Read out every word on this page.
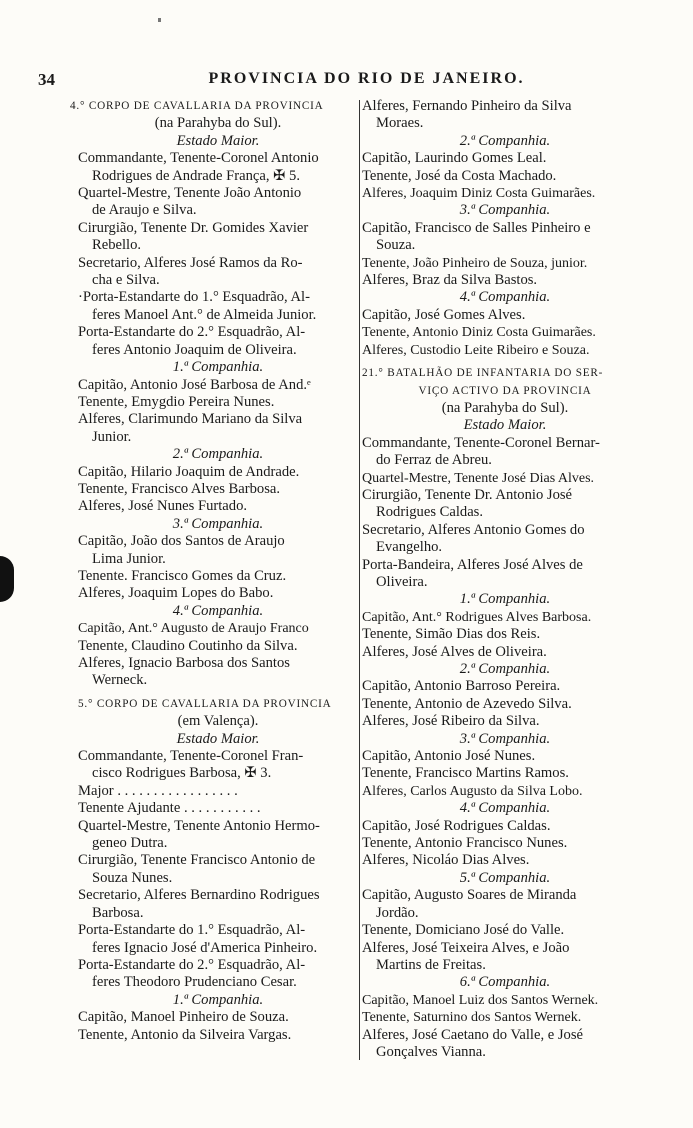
34	PROVINCIA DO RIO DE JANEIRO.
4.° CORPO DE CAVALLARIA DA PROVINCIA
(na Parahyba do Sul).
Estado Maior.
Commandante, Tenente-Coronel Antonio
Rodrigues de Andrade França, ✠ 5.
Quartel-Mestre, Tenente João Antonio
de Araujo e Silva.
Cirurgião, Tenente Dr. Gomides Xavier
Rebello.
Secretario, Alferes José Ramos da Ro-
cha e Silva.
·Porta-Estandarte do 1.° Esquadrão, Al-
feres Manoel Ant.° de Almeida Junior.
Porta-Estandarte do 2.° Esquadrão, Al-
feres Antonio Joaquim de Oliveira.
1.ª Companhia.
Capitão, Antonio José Barbosa de And.ᵉ
Tenente, Emygdio Pereira Nunes.
Alferes, Clarimundo Mariano da Silva
Junior.
2.ª Companhia.
Capitão, Hilario Joaquim de Andrade.
Tenente, Francisco Alves Barbosa.
Alferes, José Nunes Furtado.
3.ª Companhia.
Capitão, João dos Santos de Araujo
Lima Junior.
Tenente. Francisco Gomes da Cruz.
Alferes, Joaquim Lopes do Babo.
4.ª Companhia.
Capitão, Ant.° Augusto de Araujo Franco
Tenente, Claudino Coutinho da Silva.
Alferes, Ignacio Barbosa dos Santos
Werneck.
5.° CORPO DE CAVALLARIA DA PROVINCIA
(em Valença).
Estado Maior.
Commandante, Tenente-Coronel Fran-
cisco Rodrigues Barbosa, ✠ 3.
Major . . . . . . . . . . . . . . . . .
Tenente Ajudante . . . . . . . . . . .
Quartel-Mestre, Tenente Antonio Hermo-
geneo Dutra.
Cirurgião, Tenente Francisco Antonio de
Souza Nunes.
Secretario, Alferes Bernardino Rodrigues
Barbosa.
Porta-Estandarte do 1.° Esquadrão, Al-
feres Ignacio José d'America Pinheiro.
Porta-Estandarte do 2.° Esquadrão, Al-
feres Theodoro Prudenciano Cesar.
1.ª Companhia.
Capitão, Manoel Pinheiro de Souza.
Tenente, Antonio da Silveira Vargas.
Alferes, Fernando Pinheiro da Silva
Moraes.
2.ª Companhia.
Capitão, Laurindo Gomes Leal.
Tenente, José da Costa Machado.
Alferes, Joaquim Diniz Costa Guimarães.
3.ª Companhia.
Capitão, Francisco de Salles Pinheiro e
Souza.
Tenente, João Pinheiro de Souza, junior.
Alferes, Braz da Silva Bastos.
4.ª Companhia.
Capitão, José Gomes Alves.
Tenente, Antonio Diniz Costa Guimarães.
Alferes, Custodio Leite Ribeiro e Souza.
21.° BATALHÃO DE INFANTARIA DO SER-
VIÇO ACTIVO DA PROVINCIA
(na Parahyba do Sul).
Estado Maior.
Commandante, Tenente-Coronel Bernar-
do Ferraz de Abreu.
Quartel-Mestre, Tenente José Dias Alves.
Cirurgião, Tenente Dr. Antonio José
Rodrigues Caldas.
Secretario, Alferes Antonio Gomes do
Evangelho.
Porta-Bandeira, Alferes José Alves de
Oliveira.
1.ª Companhia.
Capitão, Ant.° Rodrigues Alves Barbosa.
Tenente, Simão Dias dos Reis.
Alferes, José Alves de Oliveira.
2.ª Companhia.
Capitão, Antonio Barroso Pereira.
Tenente, Antonio de Azevedo Silva.
Alferes, José Ribeiro da Silva.
3.ª Companhia.
Capitão, Antonio José Nunes.
Tenente, Francisco Martins Ramos.
Alferes, Carlos Augusto da Silva Lobo.
4.ª Companhia.
Capitão, José Rodrigues Caldas.
Tenente, Antonio Francisco Nunes.
Alferes, Nicoláo Dias Alves.
5.ª Companhia.
Capitão, Augusto Soares de Miranda
Jordão.
Tenente, Domiciano José do Valle.
Alferes, José Teixeira Alves, e João
Martins de Freitas.
6.ª Companhia.
Capitão, Manoel Luiz dos Santos Wernek.
Tenente, Saturnino dos Santos Wernek.
Alferes, José Caetano do Valle, e José
Gonçalves Vianna.
